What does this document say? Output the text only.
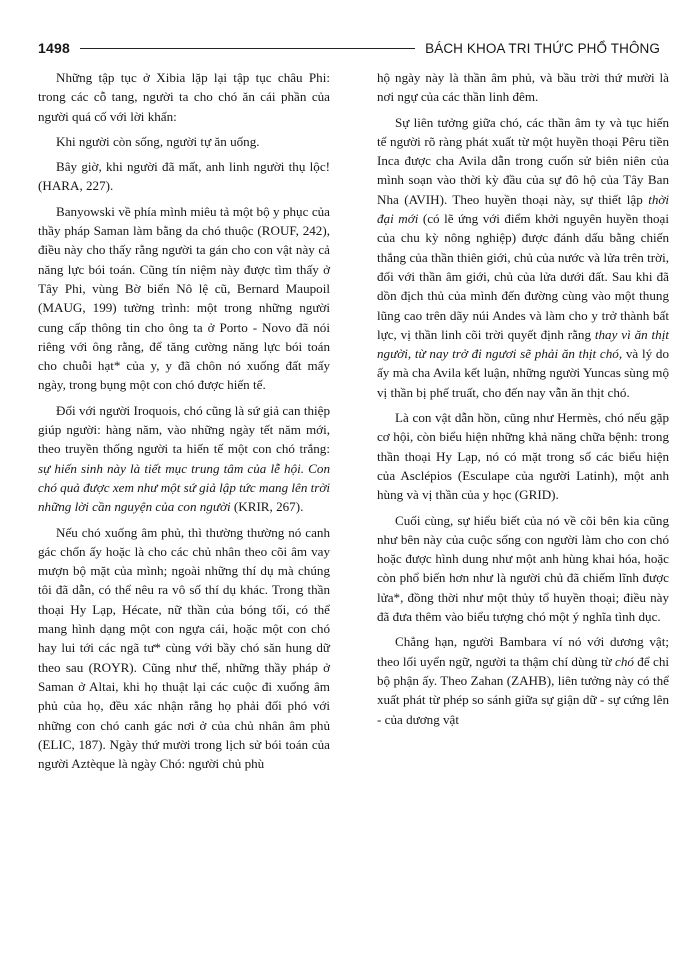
1498	BÁCH KHOA TRI THỨC PHỔ THÔNG

Những tập tục ở Xibia lặp lại tập tục châu Phi: trong các cỗ tang, người ta cho chó ăn cái phần của người quá cố với lời khấn:

Khi người còn sống, người tự ăn uống.

Bây giờ, khi người đã mất, anh linh người thụ lộc! (HARA, 227).

Banyowski về phía mình miêu tả một bộ y phục của thầy pháp Saman làm bằng da chó thuộc (ROUF, 242), điều này cho thấy rằng người ta gán cho con vật này cả năng lực bói toán. Cũng tín niệm này được tìm thấy ở Tây Phi, vùng Bờ biển Nô lệ cũ, Bernard Maupoil (MAUG, 199) tường trình: một trong những người cung cấp thông tin cho ông ta ở Porto - Novo đã nói riêng với ông rằng, để tăng cường năng lực bói toán cho chuỗi hạt* của y, y đã chôn nó xuống đất mấy ngày, trong bụng một con chó được hiến tế.

Đối với người Iroquois, chó cũng là sứ giả can thiệp giúp người: hàng năm, vào những ngày tết năm mới, theo truyền thống người ta hiến tế một con chó trắng: sự hiến sinh này là tiết mục trung tâm của lễ hội. Con chó quả được xem như một sứ giả lập tức mang lên trời những lời cần nguyện của con người (KRIR, 267).

Nếu chó xuống âm phủ, thì thường thường nó canh gác chốn ấy hoặc là cho các chủ nhân theo cõi âm vay mượn bộ mặt của mình; ngoài những thí dụ mà chúng tôi đã dẫn, có thể nêu ra vô số thí dụ khác. Trong thần thoại Hy Lạp, Hécate, nữ thần của bóng tối, có thể mang hình dạng một con ngựa cái, hoặc một con chó hay lui tới các ngã tư* cùng với bầy chó săn hung dữ theo sau (ROYR). Cũng như thế, những thầy pháp ở Saman ở Altai, khi họ thuật lại các cuộc đi xuống âm phủ của họ, đều xác nhận rằng họ phải đối phó với những con chó canh gác nơi ở của chủ nhân âm phủ (ELIC, 187). Ngày thứ mười trong lịch sử bói toán của người Aztèque là ngày Chó: người chủ phù

hộ ngày này là thần âm phủ, và bầu trời thứ mười là nơi ngự của các thần linh đêm.

Sự liên tưởng giữa chó, các thần âm ty và tục hiến tế người rõ ràng phát xuất từ một huyền thoại Pêru tiền Inca được cha Avila dẫn trong cuốn sử biên niên của mình soạn vào thời kỳ đầu của sự đô hộ của Tây Ban Nha (AVIH). Theo huyền thoại này, sự thiết lập thời đại mới (có lẽ ứng với điểm khởi nguyên huyền thoại của chu kỳ nông nghiệp) được đánh dấu bằng chiến thắng của thần thiên giới, chủ của nước và lửa trên trời, đối với thần âm giới, chủ của lửa dưới đất. Sau khi đã dồn địch thủ của mình đến đường cùng vào một thung lũng cao trên dãy núi Andes và làm cho y trở thành bất lực, vị thần linh cõi trời quyết định rằng thay vì ăn thịt người, từ nay trở đi ngươi sẽ phải ăn thịt chó, và lý do ấy mà cha Avila kết luận, những người Yuncas sùng mộ vị thần bị phế truất, cho đến nay vẫn ăn thịt chó.

Là con vật dẫn hồn, cũng như Hermès, chó nếu gặp cơ hội, còn biểu hiện những khả năng chữa bệnh: trong thần thoại Hy Lạp, nó có mặt trong số các biểu hiện của Asclépios (Esculape của người Latinh), một anh hùng và vị thần của y học (GRID).

Cuối cùng, sự hiểu biết của nó về cõi bên kia cũng như bên này của cuộc sống con người làm cho con chó hoặc được hình dung như một anh hùng khai hóa, hoặc còn phổ biến hơn như là người chủ đã chiếm lĩnh được lửa*, đồng thời như một thủy tổ huyền thoại; điều này đã đưa thêm vào biểu tượng chó một ý nghĩa tình dục.

Chẳng hạn, người Bambara ví nó với dương vật; theo lối uyển ngữ, người ta thậm chí dùng từ chó để chỉ bộ phận ấy. Theo Zahan (ZAHB), liên tưởng này có thể xuất phát từ phép so sánh giữa sự giận dữ - sự cứng lên - của dương vật
